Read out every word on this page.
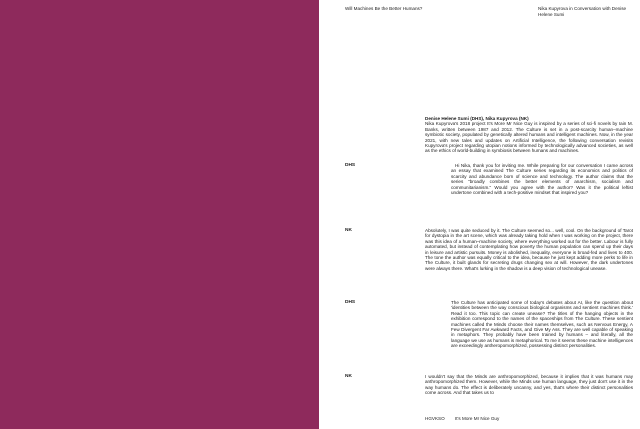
Will Machines Be the Better Humans?	Nika Kupyrova in Conversation with Denise Helene Sumi
Denise Helene Sumi (DHS), Nika Kupyrova (NK)
Nika Kupyrova's 2018 project It's More Mr Nice Guy is inspired by a series of sci-fi novels by Iain M. Banks, written between 1987 and 2012. The Culture is set in a post-scarcity human–machine symbiotic society, populated by genetically altered humans and intelligent machines. Now, in the year 2021, with new tales and updates on Artificial Intelligence, the following conversation revisits Kupyrova's project regarding utopian notions informed by technologically advanced societies, as well as the ethics of world-building in symbiosis between humans and machines.
DHS	Hi Nika, thank you for inviting me. While preparing for our conversation I came across an essay that examined The Culture series regarding its economics and politics of scarcity and abundance born of science and technology. The author claims that the series "broadly combines the better elements of anarchism, socialism and communitarianism." Would you agree with the author? Was it the political leftist undertone combined with a tech-positive mindset that inspired you?
NK	Absolutely, I was quite seduced by it. The Culture seemed so... well, cool. On the background of Tarot for dystopia in the art scene, which was already taking hold when I was working on the project, there was this idea of a human–machine society, where everything worked out for the better. Labour is fully automated, but instead of contemplating how poverty the human population can spend up their days in leisure and artistic pursuits. Money is abolished, inequality, everyone is broad-fed and lives to 400. The tone the author was equally critical to the idea, because he just kept adding more perks to life in The Culture, it built glands for secreting drugs changing sex at will. However, the dark undertones were always there. What's lurking in the shadow is a deep vision of technological unease.
DHS	The Culture has anticipated some of today's debates about AI, like the question about 'identities between the way conscious biological organisms and sentient machines think.' Read it too. This topic can create unease? The titles of the hanging objects in the exhibition correspond to the names of the spaceships from The Culture. These sentient machines called the Minds choose their names themselves, such as Nervous Energy, A Few Divergent Far Awkward Facts, and Give My Ass. They are well capable of speaking in metaphors. They probably have been trained by humans – and literally, all the language we use as humans is metaphorical. To me it seems these machine intelligences are exceedingly antheropomorphized, possessing distinct personalities.
NK	I wouldn't say that the Minds are anthropomorphized, because it implies that it was humans may anthropomorphized them. However, while the Minds use human language, they just don't use it in the way humans do. The effect is deliberately uncanny, and yes, that's where their distinct personalities come across. And that takes us to
HGVKSO It's More Mr Nice Guy
